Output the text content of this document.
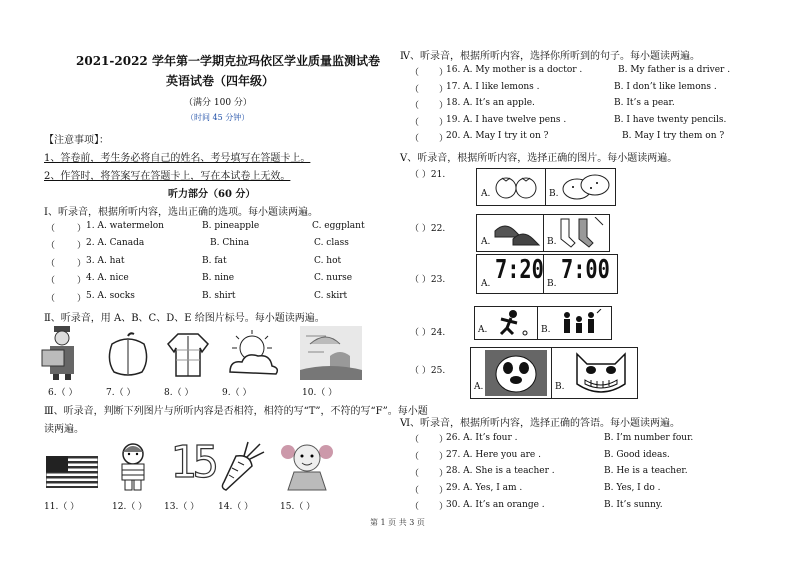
2021-2022 学年第一学期克拉玛依区学业质量监测试卷
英语试卷（四年级）
（满分 100 分）
（时间 45 分钟）
【注意事项】：
1、答卷前，考生务必将自己的姓名、考号填写在答题卡上。
2、作答时，将答案写在答题卡上，写在本试卷上无效。
听力部分（60 分）
Ⅰ、听录音，根据所听内容，选出正确的选项。每小题读两遍。
（ ） 1. A. watermelon	B. pineapple	C. eggplant
（ ） 2. A. Canada	B. China	C. class
（ ） 3. A. hat	B. fat	C. hot
（ ） 4. A. nice	B. nine	C. nurse
（ ） 5. A. socks	B. shirt	C. skirt
Ⅱ、听录音，用 A、B、C、D、E 给图片标号。每小题读两遍。
6.（ ）	7.（ ）	8.（ ）	9.（ ）	10.（ ）
Ⅲ、听录音，判断下列图片与所听内容是否相符，相符的写“T”，不符的写“F”。每小题
读两遍。
15
11.（ ）	12.（ ） 13.（ ） 14.（ ）	15.（ ）
Ⅳ、听录音，根据所听内容，选择你所听到的句子。每小题读两遍。
（ ）
16. A. My mother is a doctor .	B. My father is a driver .
（ ）
17. A. I like lemons .	B. I don’t like lemons .
（ ）
18. A. It’s an apple.	B. It’s a pear.
（ ）
19. A. I have twelve pens .	B. I have twenty pencils.
（ ）
20. A. May I try it on ?	B. May I try them on ?
Ⅴ、听录音，根据所听内容，选择正确的图片。每小题读两遍。
（ ）21.
A.	B.
（ ）22.
A.	B.
（ ）23.	A.	B.
7:20 7:00
（ ）24.	A.	B.
（ ）25.
A.	B.
Ⅵ、听录音，根据所听内容，选择正确的答语。每小题读两遍。
（ ）
26. A. It’s four .	B. I’m number four.
（ ）
27. A. Here you are .	B. Good ideas.
（ ）
28. A. She is a teacher .	B. He is a teacher.
（ ）
29. A. Yes, I am .	B. Yes, I do .
（ ）
30. A. It’s an orange .	B. It’s sunny.
第 1 页 共 3 页
